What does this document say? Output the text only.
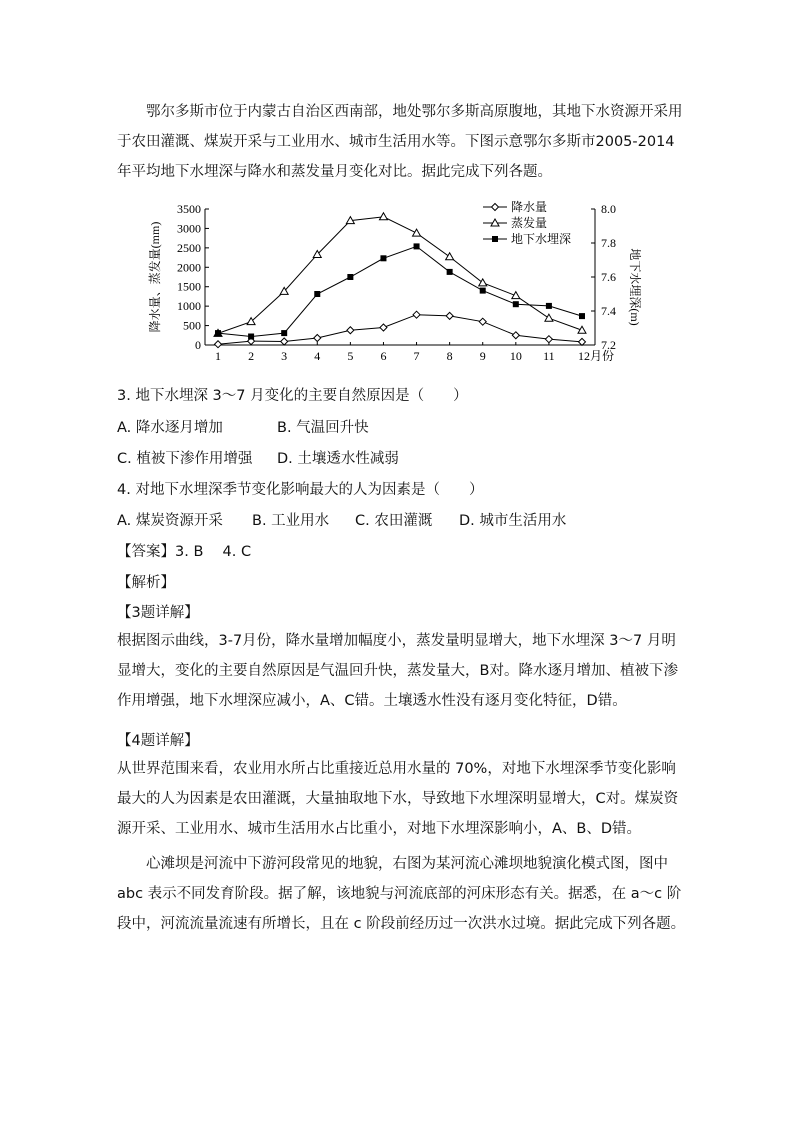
鄂尔多斯市位于内蒙古自治区西南部，地处鄂尔多斯高原腹地，其地下水资源开采用于农田灌溉、煤炭开采与工业用水、城市生活用水等。下图示意鄂尔多斯市2005-2014年平均地下水埋深与降水和蒸发量月变化对比。据此完成下列各题。

0
500
1000
1500
2000
2500
3000
3500
7.2
7.4
7.6
7.8
8.0
1 2 3 4 5 6 7 8 9 10 11 12月份
降水量、蒸发量(mm)	地下水埋深(m)
降水量
蒸发量
地下水埋深

3. 地下水埋深 3～7 月变化的主要自然原因是（　　）

A. 降水逐月增加	B. 气温回升快

C. 植被下渗作用增强 D. 土壤透水性减弱

4. 对地下水埋深季节变化影响最大的人为因素是（　　）

A. 煤炭资源开采 B. 工业用水 C. 农田灌溉 D. 城市生活用水

【答案】3. B　 4. C

【解析】

【3题详解】

根据图示曲线，3-7月份，降水量增加幅度小，蒸发量明显增大，地下水埋深 3～7 月明显增大，变化的主要自然原因是气温回升快，蒸发量大，B对。降水逐月增加、植被下渗作用增强，地下水埋深应减小，A、C错。土壤透水性没有逐月变化特征，D错。

【4题详解】

从世界范围来看，农业用水所占比重接近总用水量的 70%，对地下水埋深季节变化影响最大的人为因素是农田灌溉，大量抽取地下水，导致地下水埋深明显增大，C对。煤炭资源开采、工业用水、城市生活用水占比重小，对地下水埋深影响小，A、B、D错。

心滩坝是河流中下游河段常见的地貌，右图为某河流心滩坝地貌演化模式图，图中 abc 表示不同发育阶段。据了解，该地貌与河流底部的河床形态有关。据悉，在 a～c 阶段中，河流流量流速有所增长，且在 c 阶段前经历过一次洪水过境。据此完成下列各题。
